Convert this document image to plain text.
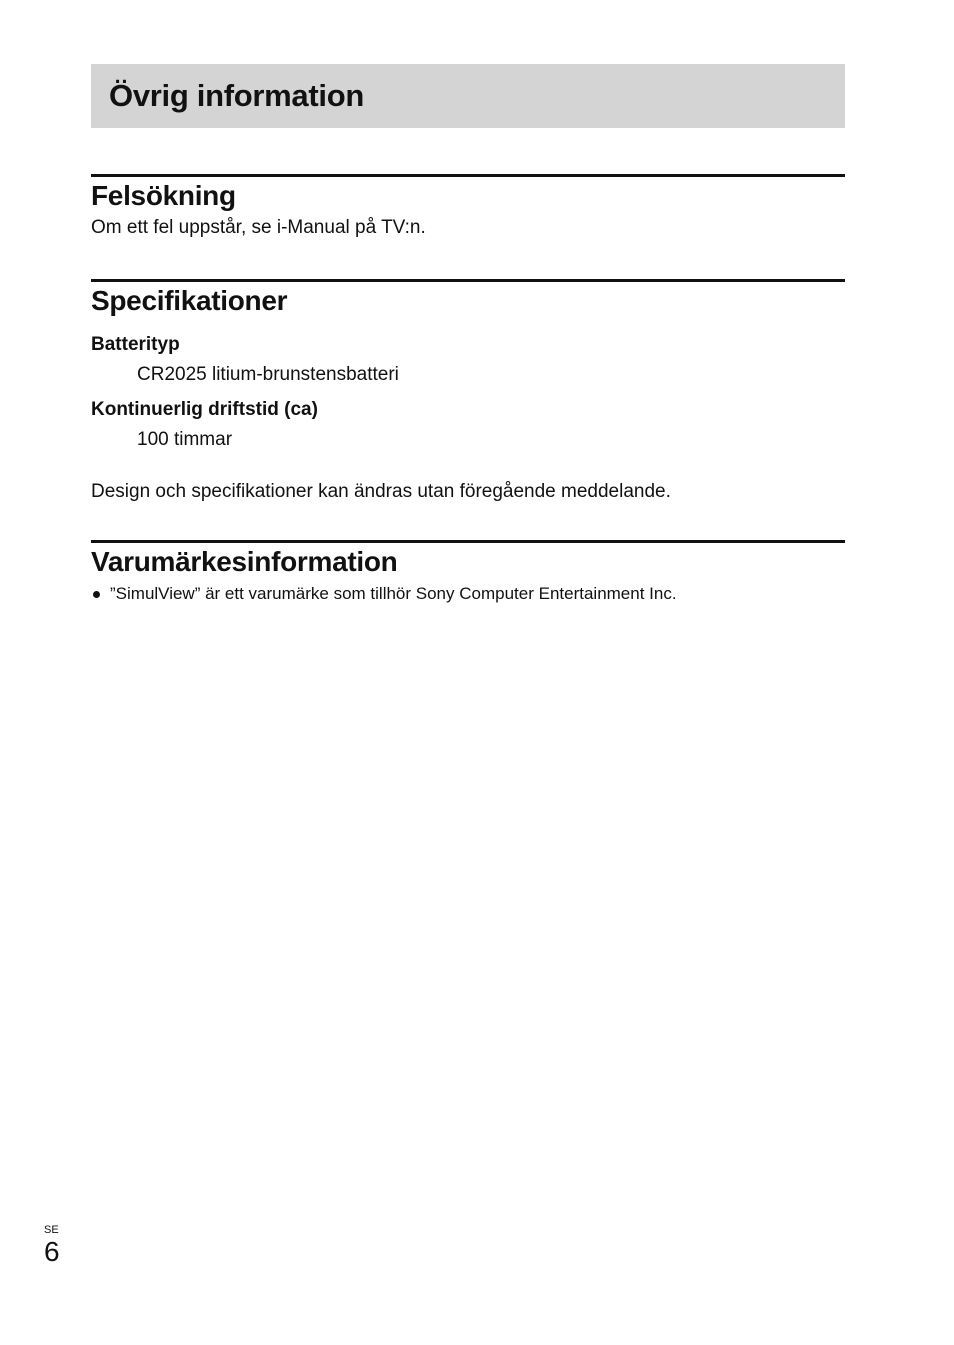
Övrig information
Felsökning

Om ett fel uppstår, se i-Manual på TV:n.

Specifikationer

Batterityp

CR2025 litium-brunstensbatteri

Kontinuerlig driftstid (ca)

100 timmar

Design och specifikationer kan ändras utan föregående meddelande.

Varumärkesinformation
”SimulView” är ett varumärke som tillhör Sony Computer Entertainment Inc.
SE
6
